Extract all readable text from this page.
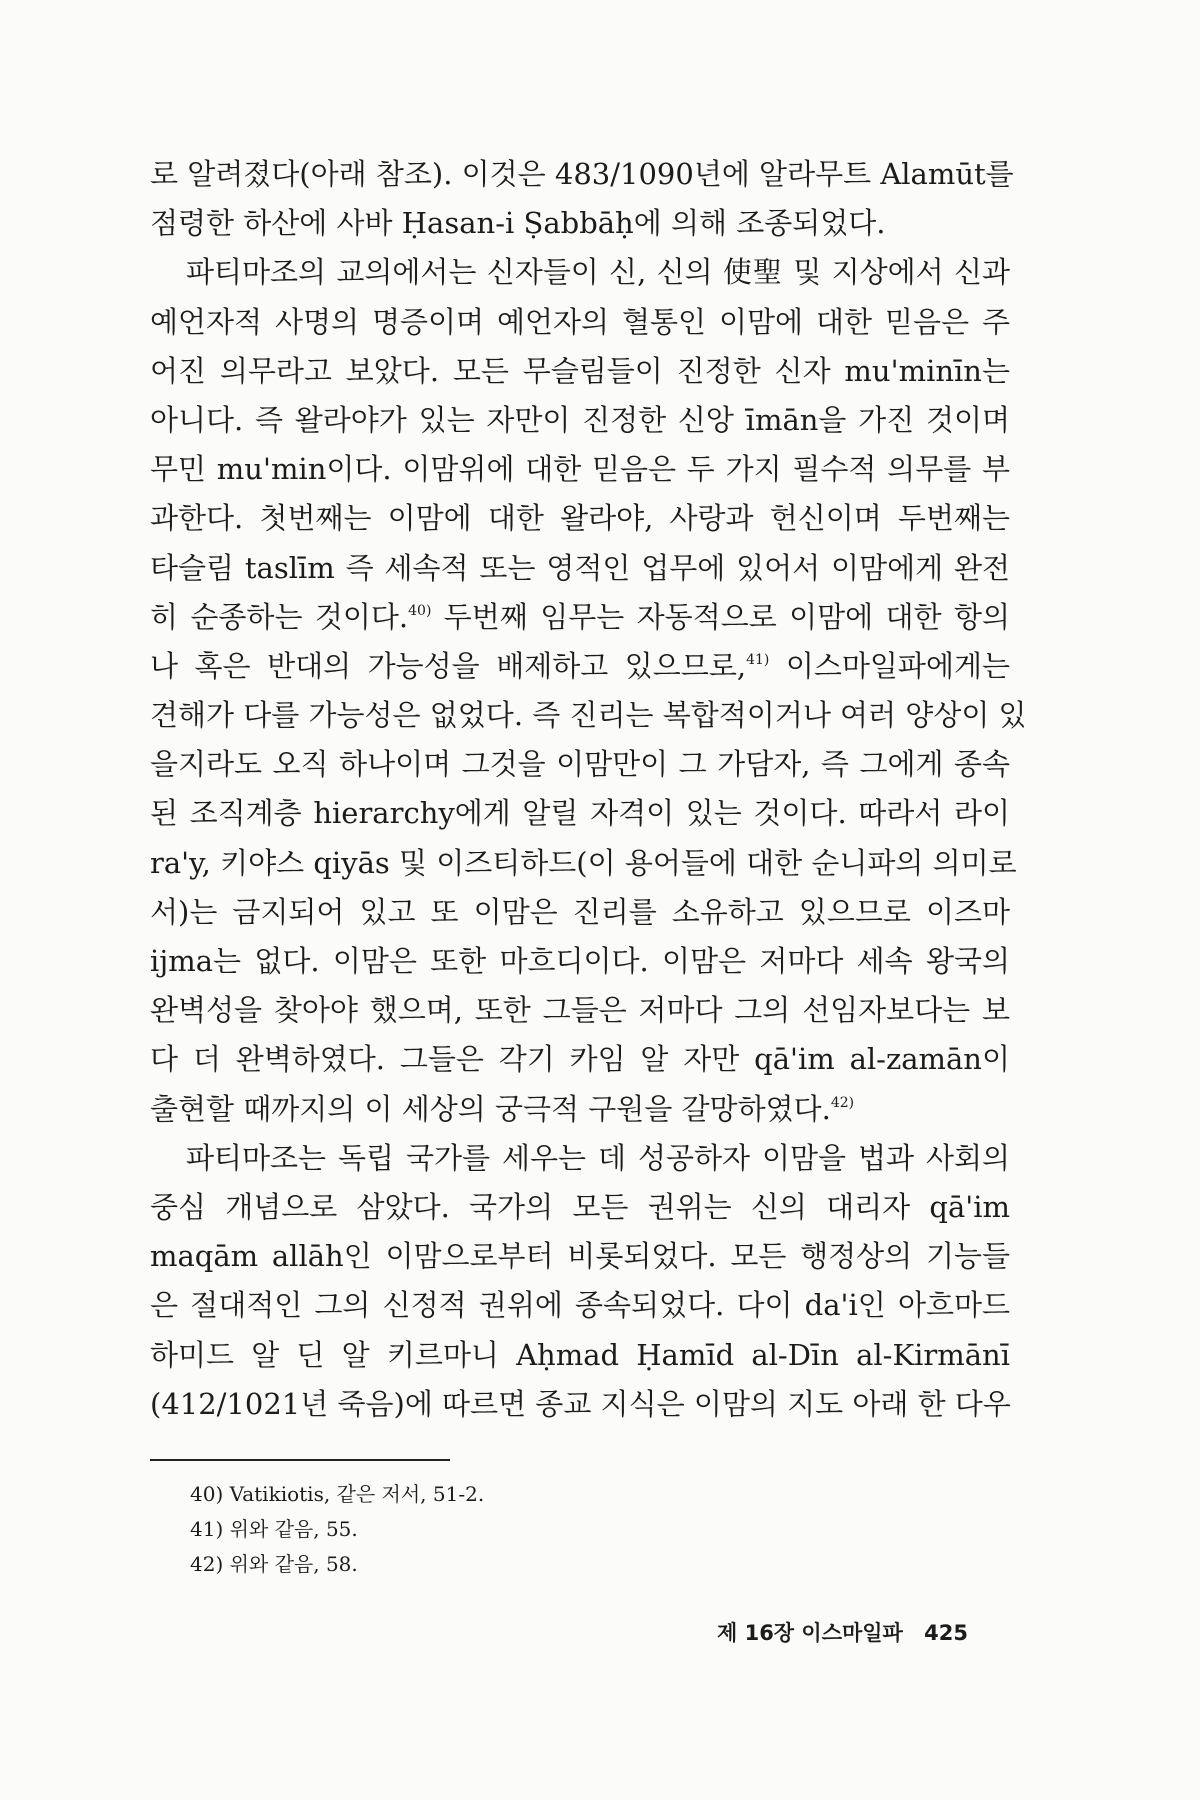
로 알려졌다(아래 참조). 이것은 483/1090년에 알라무트 Alamūt를
점령한 하산에 사바 Ḥasan-i Ṣabbāḥ에 의해 조종되었다.
파티마조의 교의에서는 신자들이 신, 신의 使聖 및 지상에서 신과
예언자적 사명의 명증이며 예언자의 혈통인 이맘에 대한 믿음은 주
어진 의무라고 보았다. 모든 무슬림들이 진정한 신자 mu'minīn는
아니다. 즉 왈라야가 있는 자만이 진정한 신앙 īmān을 가진 것이며
무민 mu'min이다. 이맘위에 대한 믿음은 두 가지 필수적 의무를 부
과한다. 첫번째는 이맘에 대한 왈라야, 사랑과 헌신이며 두번째는
타슬림 taslīm 즉 세속적 또는 영적인 업무에 있어서 이맘에게 완전
히 순종하는 것이다.$^{40)}$ 두번째 임무는 자동적으로 이맘에 대한 항의
나 혹은 반대의 가능성을 배제하고 있으므로,$^{41)}$ 이스마일파에게는
견해가 다를 가능성은 없었다. 즉 진리는 복합적이거나 여러 양상이 있
을지라도 오직 하나이며 그것을 이맘만이 그 가담자, 즉 그에게 종속
된 조직계층 hierarchy에게 알릴 자격이 있는 것이다. 따라서 라이
ra'y, 키야스 qiyās 및 이즈티하드(이 용어들에 대한 순니파의 의미로
서)는 금지되어 있고 또 이맘은 진리를 소유하고 있으므로 이즈마
ijma는 없다. 이맘은 또한 마흐디이다. 이맘은 저마다 세속 왕국의
완벽성을 찾아야 했으며, 또한 그들은 저마다 그의 선임자보다는 보
다 더 완벽하였다. 그들은 각기 카임 알 자만 qā'im al-zamān이
출현할 때까지의 이 세상의 궁극적 구원을 갈망하였다.$^{42)}$
파티마조는 독립 국가를 세우는 데 성공하자 이맘을 법과 사회의
중심 개념으로 삼았다. 국가의 모든 권위는 신의 대리자 qā'im
maqām allāh인 이맘으로부터 비롯되었다. 모든 행정상의 기능들
은 절대적인 그의 신정적 권위에 종속되었다. 다이 da'i인 아흐마드
하미드 알 딘 알 키르마니 Aḥmad Ḥamīd al-Dīn al-Kirmānī
(412/1021년 죽음)에 따르면 종교 지식은 이맘의 지도 아래 한 다우
40) Vatikiotis, 같은 저서, 51-2.
41) 위와 같음, 55.
42) 위와 같음, 58.
제 16장 이스마일파 425
